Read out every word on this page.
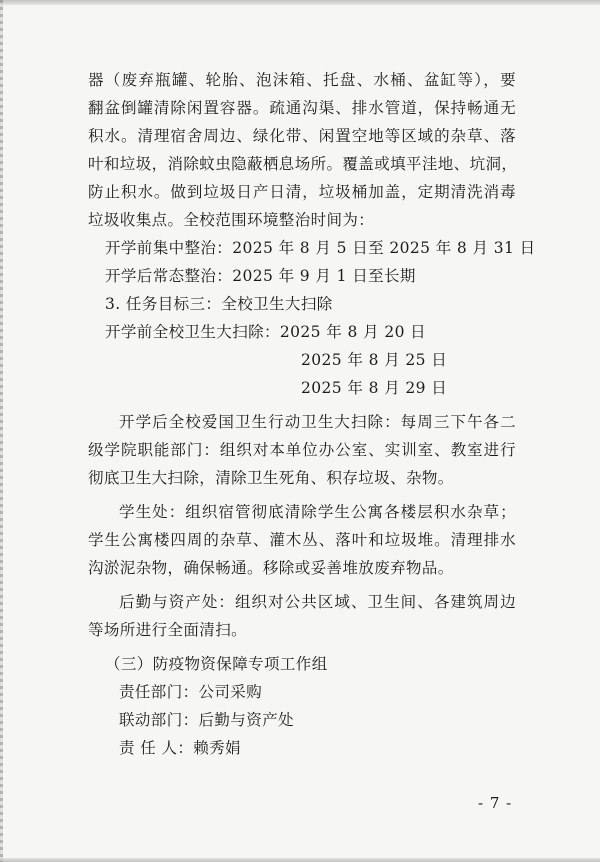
器（废弃瓶罐、轮胎、泡沫箱、托盘、水桶、盆缸等），要
翻盆倒罐清除闲置容器。疏通沟渠、排水管道，保持畅通无
积水。清理宿舍周边、绿化带、闲置空地等区域的杂草、落
叶和垃圾，消除蚊虫隐蔽栖息场所。覆盖或填平洼地、坑洞，
防止积水。做到垃圾日产日清，垃圾桶加盖，定期清洗消毒
垃圾收集点。全校范围环境整治时间为：
开学前集中整治：2025 年 8 月 5 日至 2025 年 8 月 31 日
开学后常态整治：2025 年 9 月 1 日至长期
3. 任务目标三：全校卫生大扫除
开学前全校卫生大扫除：2025 年 8 月 20 日
2025 年 8 月 25 日
2025 年 8 月 29 日
开学后全校爱国卫生行动卫生大扫除：每周三下午各二
级学院职能部门：组织对本单位办公室、实训室、教室进行
彻底卫生大扫除，清除卫生死角、积存垃圾、杂物。
学生处：组织宿管彻底清除学生公寓各楼层积水杂草；
学生公寓楼四周的杂草、灌木丛、落叶和垃圾堆。清理排水
沟淤泥杂物，确保畅通。移除或妥善堆放废弃物品。
后勤与资产处：组织对公共区域、卫生间、各建筑周边
等场所进行全面清扫。
（三）防疫物资保障专项工作组
责任部门：公司采购
联动部门：后勤与资产处
责 任 人：赖秀娟
- 7 -
